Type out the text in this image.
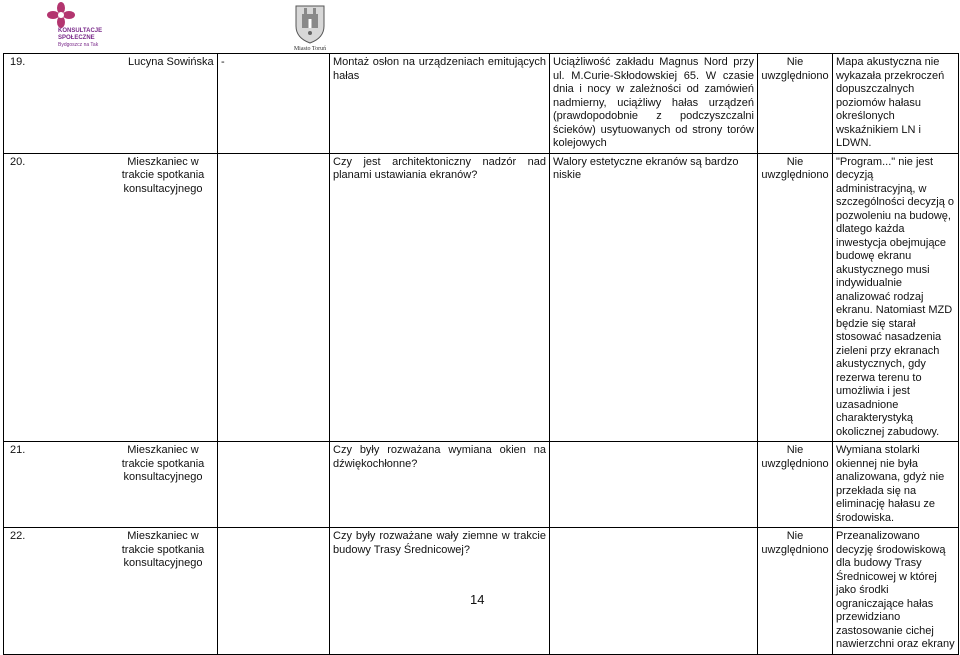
KONSULTACJE
SPOŁECZNE
Bydgoszcz na Tak
Miasto Toruń
19. Lucyna Sowińska	-	Montaż osłon na urządzeniach emitujących hałas	Uciążliwość zakładu Magnus Nord przy ul. M.Curie-Skłodowskiej 65. W czasie dnia i nocy w zależności od zamówień nadmierny, uciążliwy hałas urządzeń (prawdopodobnie z podczyszczalni ścieków) usytuowanych od strony torów kolejowych	Nie uwzględniono	Mapa akustyczna nie wykazała przekroczeń dopuszczalnych poziomów hałasu określonych wskaźnikiem LN i LDWN.
20. Mieszkaniec w trakcie spotkania konsultacyjnego		Czy jest architektoniczny nadzór nad planami ustawiania ekranów?	Walory estetyczne ekranów są bardzo niskie	Nie uwzględniono	"Program..." nie jest decyzją administracyjną, w szczególności decyzją o pozwoleniu na budowę, dlatego każda inwestycja obejmujące budowę ekranu akustycznego musi indywidualnie analizować rodzaj ekranu. Natomiast MZD będzie się starał stosować nasadzenia zieleni przy ekranach akustycznych, gdy rezerwa terenu to umożliwia i jest uzasadnione charakterystyką okolicznej zabudowy.
21. Mieszkaniec w trakcie spotkania konsultacyjnego		Czy były rozważana wymiana okien na dźwiękochłonne?		Nie uwzględniono	Wymiana stolarki okiennej nie była analizowana, gdyż nie przekłada się na eliminację hałasu ze środowiska.
22. Mieszkaniec w trakcie spotkania konsultacyjnego		Czy były rozważane wały ziemne w trakcie budowy Trasy Średnicowej?		Nie uwzględniono	Przeanalizowano decyzję środowiskową dla budowy Trasy Średnicowej w której jako środki ograniczające hałas przewidziano zastosowanie cichej nawierzchni oraz ekrany
14
